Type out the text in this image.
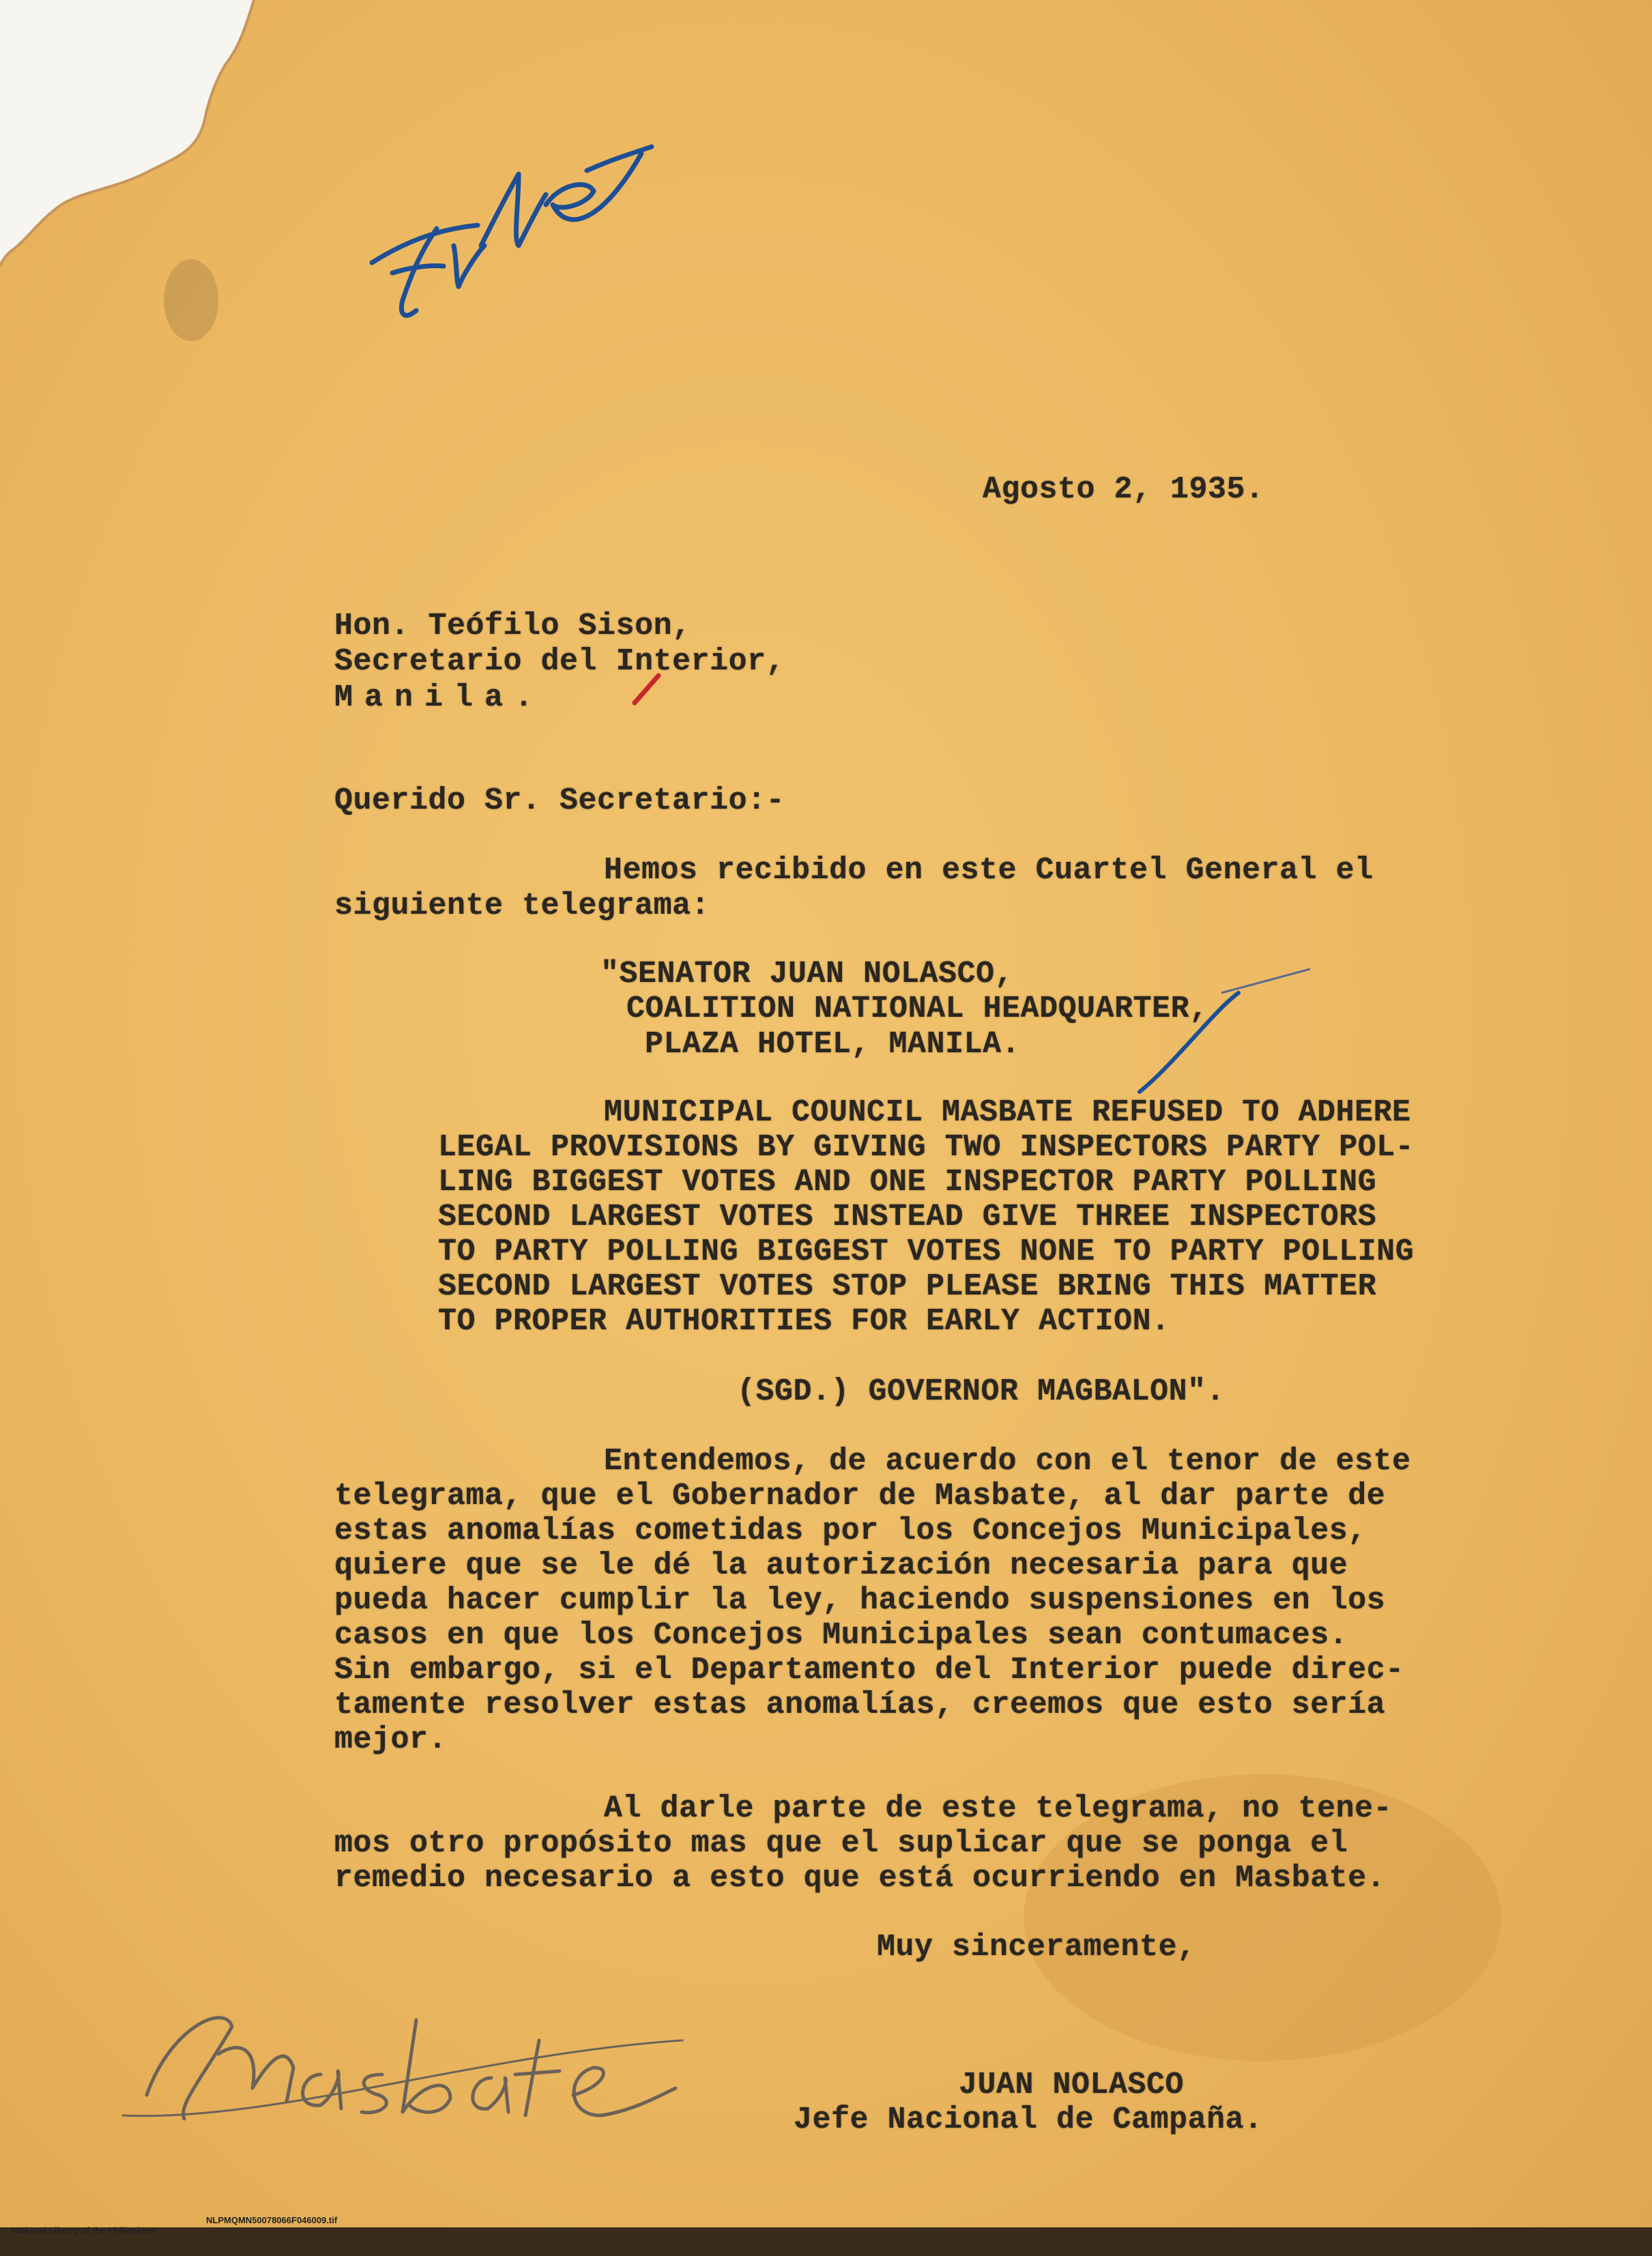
Agosto 2, 1935.
Hon. Teófilo Sison,
Secretario del Interior,
Manila.
Querido Sr. Secretario:-
Hemos recibido en este Cuartel General el
siguiente telegrama:
"SENATOR JUAN NOLASCO,
COALITION NATIONAL HEADQUARTER,
PLAZA HOTEL, MANILA.
MUNICIPAL COUNCIL MASBATE REFUSED TO ADHERE
LEGAL PROVISIONS BY GIVING TWO INSPECTORS PARTY POL-
LING BIGGEST VOTES AND ONE INSPECTOR PARTY POLLING
SECOND LARGEST VOTES INSTEAD GIVE THREE INSPECTORS
TO PARTY POLLING BIGGEST VOTES NONE TO PARTY POLLING
SECOND LARGEST VOTES STOP PLEASE BRING THIS MATTER
TO PROPER AUTHORITIES FOR EARLY ACTION.
(SGD.) GOVERNOR MAGBALON".
Entendemos, de acuerdo con el tenor de este
telegrama, que el Gobernador de Masbate, al dar parte de
estas anomalías cometidas por los Concejos Municipales,
quiere que se le dé la autorización necesaria para que
pueda hacer cumplir la ley, haciendo suspensiones en los
casos en que los Concejos Municipales sean contumaces.
Sin embargo, si el Departamento del Interior puede direc-
tamente resolver estas anomalías, creemos que esto sería
mejor.
Al darle parte de este telegrama, no tene-
mos otro propósito mas que el suplicar que se ponga el
remedio necesario a esto que está ocurriendo en Masbate.
Muy sinceramente,
JUAN NOLASCO
Jefe Nacional de Campaña.

National Library of the Philippines

NLPMQMN50078066F046009.tif
